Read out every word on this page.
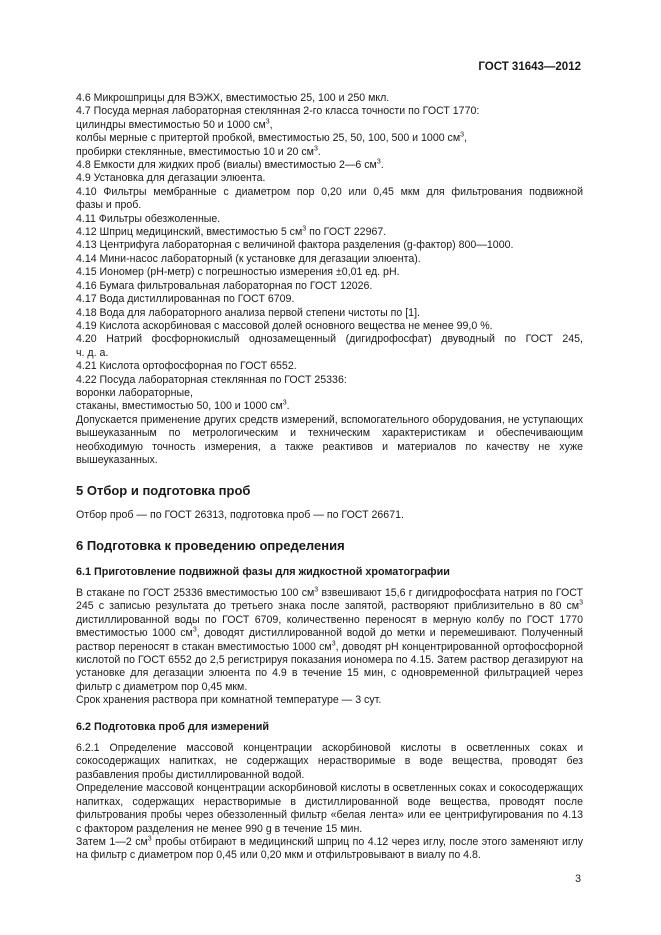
ГОСТ 31643—2012
4.6 Микрошприцы для ВЭЖХ, вместимостью 25, 100 и 250 мкл.
4.7 Посуда мерная лабораторная стеклянная 2-го класса точности по ГОСТ 1770:
цилиндры вместимостью 50 и 1000 $см^3$,
колбы мерные с притертой пробкой, вместимостью 25, 50, 100, 500 и 1000 $см^3$,
пробирки стеклянные, вместимостью 10 и 20 $см^3$.
4.8 Емкости для жидких проб (виалы) вместимостью 2—6 $см^3$.
4.9 Установка для дегазации элюента.
4.10 Фильтры мембранные с диаметром пор 0,20 или 0,45 мкм для фильтрования подвижной
фазы и проб.
4.11 Фильтры обезжоленные.
4.12 Шприц медицинский, вместимостью 5 $см^3$ по ГОСТ 22967.
4.13 Центрифуга лабораторная с величиной фактора разделения (g-фактор) 800—1000.
4.14 Мини-насос лабораторный (к установке для дегазации элюента).
4.15 Иономер (рН-метр) с погрешностью измерения ±0,01 ед. рН.
4.16 Бумага фильтровальная лабораторная по ГОСТ 12026.
4.17 Вода дистиллированная по ГОСТ 6709.
4.18 Вода для лабораторного анализа первой степени чистоты по [1].
4.19 Кислота аскорбиновая с массовой долей основного вещества не менее 99,0 %.
4.20 Натрий фосфорнокислый однозамещенный (дигидрофосфат) двуводный по ГОСТ 245,
ч. д. а.
4.21 Кислота ортофосфорная по ГОСТ 6552.
4.22 Посуда лабораторная стеклянная по ГОСТ 25336:
воронки лабораторные,
стаканы, вместимостью 50, 100 и 1000 $см^3$.

Допускается применение других средств измерений, вспомогательного оборудования, не уступающих вышеуказанным по метрологическим и техническим характеристикам и обеспечивающим необходимую точность измерения, а также реактивов и материалов по качеству не хуже вышеуказанных.

5 Отбор и подготовка проб

Отбор проб — по ГОСТ 26313, подготовка проб — по ГОСТ 26671.

6 Подготовка к проведению определения
6.1 Приготовление подвижной фазы для жидкостной хроматографии

В стакане по ГОСТ 25336 вместимостью 100 $см^3$ взвешивают 15,6 г дигидрофосфата натрия по ГОСТ 245 с записью результата до третьего знака после запятой, растворяют приблизительно в 80 $см^3$ дистиллированной воды по ГОСТ 6709, количественно переносят в мерную колбу по ГОСТ 1770 вместимостью 1000 $см^3$, доводят дистиллированной водой до метки и перемешивают. Полученный раствор переносят в стакан вместимостью 1000 $см^3$, доводят рН концентрированной ортофосфорной кислотой по ГОСТ 6552 до 2,5 регистрируя показания иономера по 4.15. Затем раствор дегазируют на установке для дегазации элюента по 4.9 в течение 15 мин, с одновременной фильтрацией через фильтр с диаметром пор 0,45 мкм.

Срок хранения раствора при комнатной температуре — 3 сут.

6.2 Подготовка проб для измерений

6.2.1 Определение массовой концентрации аскорбиновой кислоты в осветленных соках и сокосодержащих напитках, не содержащих нерастворимые в воде вещества, проводят без разбавления пробы дистиллированной водой.

Определение массовой концентрации аскорбиновой кислоты в осветленных соках и сокосодержащих напитках, содержащих нерастворимые в дистиллированной воде вещества, проводят после фильтрования пробы через обеззоленный фильтр «белая лента» или ее центрифугирования по 4.13 с фактором разделения не менее 990 g в течение 15 мин.

Затем 1—2 $см^3$ пробы отбирают в медицинский шприц по 4.12 через иглу, после этого заменяют иглу на фильтр с диаметром пор 0,45 или 0,20 мкм и отфильтровывают в виалу по 4.8.

3
